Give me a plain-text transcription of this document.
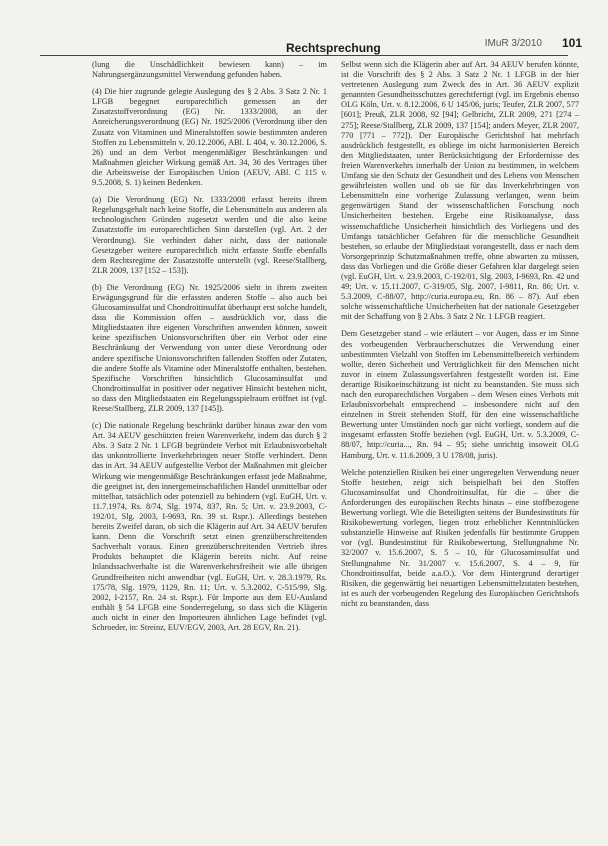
Rechtsprechung	IMuR 3/2010 101

(lung die Unschädlichkeit bewiesen kann) – im Nahrungsergänzungsmittel Verwendung gefunden haben.

(4) Die hier zugrunde gelegte Auslegung des § 2 Abs. 3 Satz 2 Nr. 1 LFGB begegnet europarechtlich gemessen an der Zusatzstoffverordnung (EG) Nr. 1333/2008, an der Anreicherungsverordnung (EG) Nr. 1925/2006 (Verordnung über den Zusatz von Vitaminen und Mineralstoffen sowie bestimmten anderen Stoffen zu Lebensmitteln v. 20.12.2006, ABl. L 404, v. 30.12.2006, S. 26) und an dem Verbot mengenmäßiger Beschränkungen und Maßnahmen gleicher Wirkung gemäß Art. 34, 36 des Vertrages über die Arbeitsweise der Europäischen Union (AEUV, ABl. C 115 v. 9.5.2008, S. 1) keinen Bedenken.

(a) Die Verordnung (EG) Nr. 1333/2008 erfasst bereits ihrem Regelungsgehalt nach keine Stoffe, die Lebensmitteln aus anderen als technologischen Gründen zugesetzt werden und die also keine Zusatzstoffe im europarechtlichen Sinn darstellen (vgl. Art. 2 der Verordnung). Sie verhindert daher nicht, dass der nationale Gesetzgeber weitere europarechtlich nicht erfasste Stoffe ebenfalls dem Rechtsregime der Zusatzstoffe unterstellt (vgl. Reese/Stallberg, ZLR 2009, 137 [152 – 153]).

(b) Die Verordnung (EG) Nr. 1925/2006 sieht in ihrem zweiten Erwägungsgrund für die erfassten anderen Stoffe – also auch bei Glucosaminsulfat und Chondroitinsulfat überhaupt erst solche handelt, dass die Kommission offen – ausdrücklich vor, dass die Mitgliedstaaten ihre eigenen Vorschriften anwenden können, soweit keine spezifischen Unionsvorschriften über ein Verbot oder eine Beschränkung der Verwendung von unter diese Verordnung oder andere spezifische Unionsvorschriften fallenden Stoffen oder Zutaten, die andere Stoffe als Vitamine oder Mineralstoffe enthalten, bestehen. Spezifische Vorschriften hinsichtlich Glucosaminsulfat und Chondroitinsulfat in positiver oder negativer Hinsicht bestehen nicht, so dass den Mitgliedstaaten ein Regelungsspielraum eröffnet ist (vgl. Reese/Stallberg, ZLR 2009, 137 [145]).

(c) Die nationale Regelung beschränkt darüber hinaus zwar den vom Art. 34 AEUV geschützten freien Warenverkehr, indem das durch § 2 Abs. 3 Satz 2 Nr. 1 LFGB begründete Verbot mit Erlaubnisvorbehalt das unkontrollierte Inverkehrbringen neuer Stoffe verhindert. Denn das in Art. 34 AEUV aufgestellte Verbot der Maßnahmen mit gleicher Wirkung wie mengenmäßige Beschränkungen erfasst jede Maßnahme, die geeignet ist, den innergemeinschaftlichen Handel unmittelbar oder mittelbar, tatsächlich oder potenziell zu behindern (vgl. EuGH, Urt. v. 11.7.1974, Rs. 8/74, Slg. 1974, 837, Rn. 5; Urt. v. 23.9.2003, C-192/01, Slg. 2003, I-9693, Rn. 39 st. Rspr.). Allerdings bestehen bereits Zweifel daran, ob sich die Klägerin auf Art. 34 AEUV berufen kann. Denn die Vorschrift setzt einen grenzüberschreitenden Sachverhalt voraus. Einen grenzüberschreitenden Vertrieb ihres Produkts behauptet die Klägerin bereits nicht. Auf reine Inlandssachverhalte ist die Warenverkehrsfreiheit wie alle übrigen Grundfreiheiten nicht anwendbar (vgl. EuGH, Urt. v. 28.3.1979, Rs. 175/78, Slg. 1979, 1129, Rn. 11; Urt. v. 5.3.2002, C-515/99, Slg. 2002, I-2157, Rn. 24 st. Rspr.). Für Importe aus dem EU-Ausland enthält § 54 LFGB eine Sonderregelung, so dass sich die Klägerin auch nicht in einer den Importeuren ähnlichen Lage befindet (vgl. Schroeder, in: Streinz, EUV/EGV, 2003, Art. 28 EGV, Rn. 21).

Selbst wenn sich die Klägerin aber auf Art. 34 AEUV berufen könnte, ist die Vorschrift des § 2 Abs. 3 Satz 2 Nr. 1 LFGB in der hier vertretenen Auslegung zum Zweck des in Art. 36 AEUV explizit genannten Gesundheitsschutzes gerechtfertigt (vgl. im Ergebnis ebenso OLG Köln, Urt. v. 8.12.2006, 6 U 145/06, juris; Teufer, ZLR 2007, 577 [601]; Preuß, ZLR 2008, 92 [94]; Gelbricht, ZLR 2009, 271 [274 – 275]; Reese/Stallberg, ZLR 2009, 137 [154]; anders Meyer, ZLR 2007, 770 [771 – 772]). Der Europäische Gerichtshof hat mehrfach ausdrücklich festgestellt, es obliege im nicht harmonisierten Bereich den Mitgliedstaaten, unter Berücksichtigung der Erfordernisse des freien Warenverkehrs innerhalb der Union zu bestimmen, in welchem Umfang sie den Schutz der Gesundheit und des Lebens von Menschen gewährleisten wollen und ob sie für das Inverkehrbringen von Lebensmitteln eine vorherige Zulassung verlangen, wenn beim gegenwärtigen Stand der wissenschaftlichen Forschung noch Unsicherheiten bestehen. Ergebe eine Risikoanalyse, dass wissenschaftliche Unsicherheit hinsichtlich des Vorliegens und des Umfangs tatsächlicher Gefahren für die menschliche Gesundheit bestehen, so erlaube der Mitgliedstaat vorangestellt, dass er nach dem Vorsorgeprinzip Schutzmaßnahmen treffe, ohne abwarten zu müssen, dass das Vorliegen und die Größe dieser Gefahren klar dargelegt seien (vgl. EuGH, Urt. v. 23.9.2003, C-192/01, Slg. 2003, I-9693, Rn. 42 und 49; Urt. v. 15.11.2007, C-319/05, Slg. 2007, I-9811, Rn. 86; Urt. v. 5.3.2009, C-88/07, http://curia.europa.eu, Rn. 86 – 87). Auf eben solche wissenschaftliche Unsicherheiten hat der nationale Gesetzgeber mit der Schaffung von § 2 Abs. 3 Satz 2 Nr. 1 LFGB reagiert.

Dem Gesetzgeber stand – wie erläutert – vor Augen, dass er im Sinne des vorbeugenden Verbraucherschutzes die Verwendung einer unbestimmten Vielzahl von Stoffen im Lebensmittelbereich verhindern wollte, deren Sicherheit und Verträglichkeit für den Menschen nicht zuvor in einem Zulassungsverfahren festgestellt worden ist. Eine derartige Risikoeinschätzung ist nicht zu beanstanden. Sie muss sich nach den europarechtlichen Vorgaben – dem Wesen eines Verbots mit Erlaubnisvorbehalt entsprechend – insbesondere nicht auf den einzelnen in Streit stehenden Stoff, für den eine wissenschaftliche Bewertung unter Umständen noch gar nicht vorliegt, sondern auf die insgesamt erfassten Stoffe beziehen (vgl. EuGH, Urt. v. 5.3.2009, C-88/07, http://curia..., Rn. 94 – 95; siehe unrichtig insoweit OLG Hamburg, Urt. v. 11.6.2009, 3 U 178/08, juris).

Welche potenziellen Risiken bei einer ungeregelten Verwendung neuer Stoffe bestehen, zeigt sich beispielhaft bei den Stoffen Glucosaminsulfat und Chondroitinsulfat, für die – über die Anforderungen des europäischen Rechts hinaus – eine stoffbezogene Bewertung vorliegt. Wie die Beteiligten seitens der Bundesinstituts für Risikobewertung vorlegen, liegen trotz erheblicher Kenntnislücken substanzielle Hinweise auf Risiken jedenfalls für bestimmte Gruppen vor (vgl. Bundesinstitut für Risikobewertung, Stellungnahme Nr. 32/2007 v. 15.6.2007, S. 5 – 10, für Glucosaminsulfat und Stellungnahme Nr. 31/2007 v. 15.6.2007, S. 4 – 9, für Chondroitinsulfat, beide a.a.O.). Vor dem Hintergrund derartiger Risiken, die gegenwärtig bei neuartigen Lebensmittelzutaten bestehen, ist es auch der vorbeugenden Regelung des Europäischen Gerichtshofs nicht zu beanstanden, dass
